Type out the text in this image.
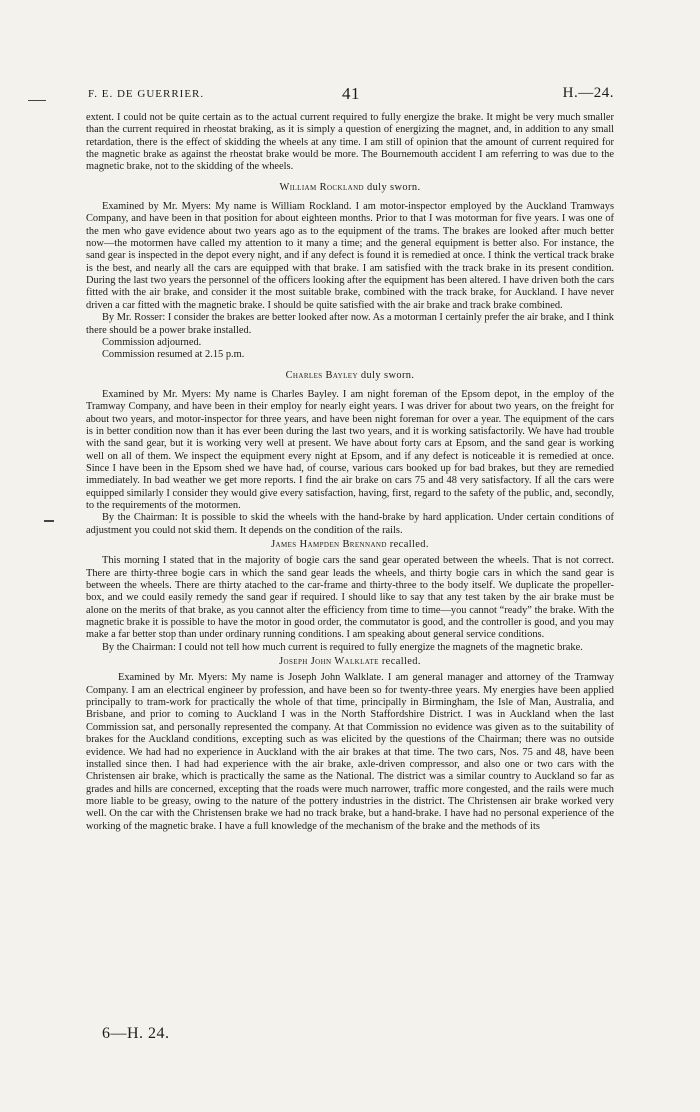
F. E. DE GUERRIER.	41	H.—24.

extent. I could not be quite certain as to the actual current required to fully energize the brake. It might be very much smaller than the current required in rheostat braking, as it is simply a question of energizing the magnet, and, in addition to any small retardation, there is the effect of skidding the wheels at any time. I am still of opinion that the amount of current required for the magnetic brake as against the rheostat brake would be more. The Bournemouth accident I am referring to was due to the magnetic brake, not to the skidding of the wheels.

William Rockland duly sworn.

Examined by Mr. Myers: My name is William Rockland. I am motor-inspector employed by the Auckland Tramways Company, and have been in that position for about eighteen months. Prior to that I was motorman for five years. I was one of the men who gave evidence about two years ago as to the equipment of the trams. The brakes are looked after much better now—the motormen have called my attention to it many a time; and the general equipment is better also. For instance, the sand gear is inspected in the depot every night, and if any defect is found it is remedied at once. I think the vertical track brake is the best, and nearly all the cars are equipped with that brake. I am satisfied with the track brake in its present condition. During the last two years the personnel of the officers looking after the equipment has been altered. I have driven both the cars fitted with the air brake, and consider it the most suitable brake, combined with the track brake, for Auckland. I have never driven a car fitted with the magnetic brake. I should be quite satisfied with the air brake and track brake combined.

By Mr. Rosser: I consider the brakes are better looked after now. As a motorman I certainly prefer the air brake, and I think there should be a power brake installed.

Commission adjourned.

Commission resumed at 2.15 p.m.

Charles Bayley duly sworn.

Examined by Mr. Myers: My name is Charles Bayley. I am night foreman of the Epsom depot, in the employ of the Tramway Company, and have been in their employ for nearly eight years. I was driver for about two years, on the freight for about two years, and motor-inspector for three years, and have been night foreman for over a year. The equipment of the cars is in better condition now than it has ever been during the last two years, and it is working satisfactorily. We have had trouble with the sand gear, but it is working very well at present. We have about forty cars at Epsom, and the sand gear is working well on all of them. We inspect the equipment every night at Epsom, and if any defect is noticeable it is remedied at once. Since I have been in the Epsom shed we have had, of course, various cars booked up for bad brakes, but they are remedied immediately. In bad weather we get more reports. I find the air brake on cars 75 and 48 very satisfactory. If all the cars were equipped similarly I consider they would give every satisfaction, having, first, regard to the safety of the public, and, secondly, to the requirements of the motormen.

By the Chairman: It is possible to skid the wheels with the hand-brake by hard application. Under certain conditions of adjustment you could not skid them. It depends on the condition of the rails.

James Hampden Brennand recalled.

This morning I stated that in the majority of bogie cars the sand gear operated between the wheels. That is not correct. There are thirty-three bogie cars in which the sand gear leads the wheels, and thirty bogie cars in which the sand gear is between the wheels. There are thirty atached to the car-frame and thirty-three to the body itself. We duplicate the propeller-box, and we could easily remedy the sand gear if required. I should like to say that any test taken by the air brake must be alone on the merits of that brake, as you cannot alter the efficiency from time to time—you cannot “ready” the brake. With the magnetic brake it is possible to have the motor in good order, the commutator is good, and the controller is good, and you may make a far better stop than under ordinary running conditions. I am speaking about general service conditions.

By the Chairman: I could not tell how much current is required to fully energize the magnets of the magnetic brake.

Joseph John Walklate recalled.

Examined by Mr. Myers: My name is Joseph John Walklate. I am general manager and attorney of the Tramway Company. I am an electrical engineer by profession, and have been so for twenty-three years. My energies have been applied principally to tram-work for practically the whole of that time, principally in Birmingham, the Isle of Man, Australia, and Brisbane, and prior to coming to Auckland I was in the North Staffordshire District. I was in Auckland when the last Commission sat, and personally represented the company. At that Commission no evidence was given as to the suitability of brakes for the Auckland conditions, excepting such as was elicited by the questions of the Chairman; there was no outside evidence. We had had no experience in Auckland with the air brakes at that time. The two cars, Nos. 75 and 48, have been installed since then. I had had experience with the air brake, axle-driven compressor, and also one or two cars with the Christensen air brake, which is practically the same as the National. The district was a similar country to Auckland so far as grades and hills are concerned, excepting that the roads were much narrower, traffic more congested, and the rails were much more liable to be greasy, owing to the nature of the pottery industries in the district. The Christensen air brake worked very well. On the car with the Christensen brake we had no track brake, but a hand-brake. I have had no personal experience of the working of the magnetic brake. I have a full knowledge of the mechanism of the brake and the methods of its

6—H. 24.
